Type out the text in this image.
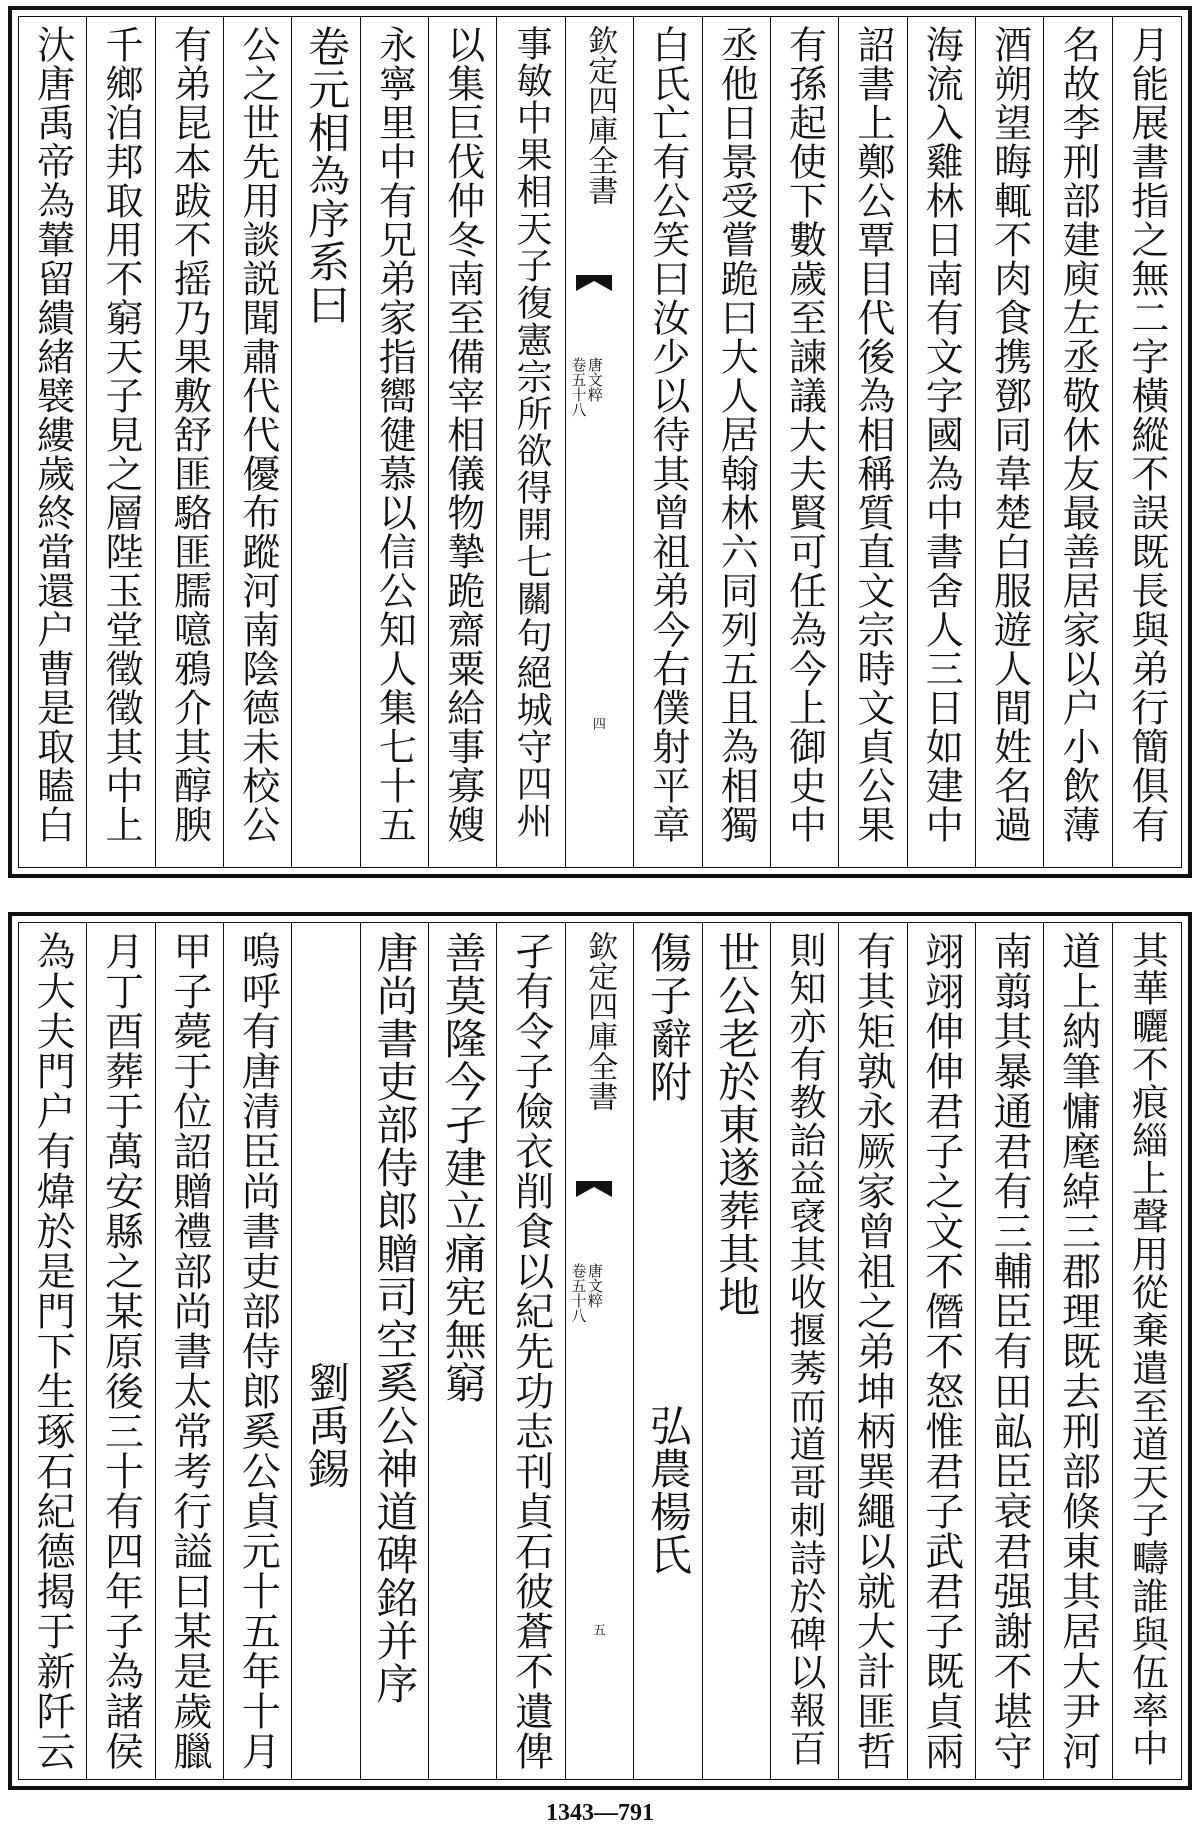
汏唐禹帝為輦留繢緒襞縷歲終當還户曹是取瞌白 千鄉洎邦取用不窮天子見之層陛玉堂徵徵其中上 有弟昆本跋不摇乃果敷舒匪駱匪臑噫鴉介其醇腴 公之世先用談説聞肅代代優布蹤河南陰德未校公 卷元相為序系曰 永寧里中有兄弟家指嚮徤慕以信公知人集七十五 以集巨伐仲冬南至備宰相儀物摯跪齋粟給事寡嫂 事敏中果相天子復憲宗所欲得開七關句絕城守四州 欽定四庫全書
唐文粹
卷五十八
四 白氏亡有公笑曰汝少以待其曾祖弟今右僕射平章 丞他日景受嘗跪曰大人居翰林六同列五且為相獨 有孫起使下數歲至諫議大夫賢可任為今上御史中 詔書上鄭公覃目代後為相稱質直文宗時文貞公果 海流入雞林日南有文字國為中書舍人三日如建中 酒朔望晦輒不肉食携鄧同韋楚白服遊人間姓名過 名故李刑部建庾左丞敬休友最善居家以户小飲薄 月能展書指之無二字橫縱不誤既長與弟行簡俱有
為大夫門户有煒於是門下生琢石紀德揭于新阡云 月丁酉葬于萬安縣之某原後三十有四年子為諸侯 甲子薨于位詔贈禮部尚書太常考行謚曰某是歲臘 嗚呼有唐清臣尚書吏部侍郎奚公貞元十五年十月 　　　　　　　　　　劉禹錫 唐尚書吏部侍郎贈司空奚公神道碑銘并序 善莫隆今孑建立痛宪無窮 孑有令子儉衣削食以紀先功志刊貞石彼蒼不遺俾 欽定四庫全書
唐文粹
卷五十八
五
傷子辭附　　　　　　　弘農楊氏 世公老於東遂葬其地 則知亦有教詒益裦其收揠莠而道哥刺詩於碑以報百 有其矩孰永厥家曾祖之弟坤柄巽繩以就大計匪哲 翊翊伸伸君子之文不僭不怒惟君子武君子既貞兩 南翦其暴通君有三輔臣有田畆臣衰君强謝不堪守 道上納筆慵麾綽三郡理既去刑部倏東其居大尹河 其華曬不痕緇上聲用從棄遣至道天子疇誰與伍率中
1343—791
